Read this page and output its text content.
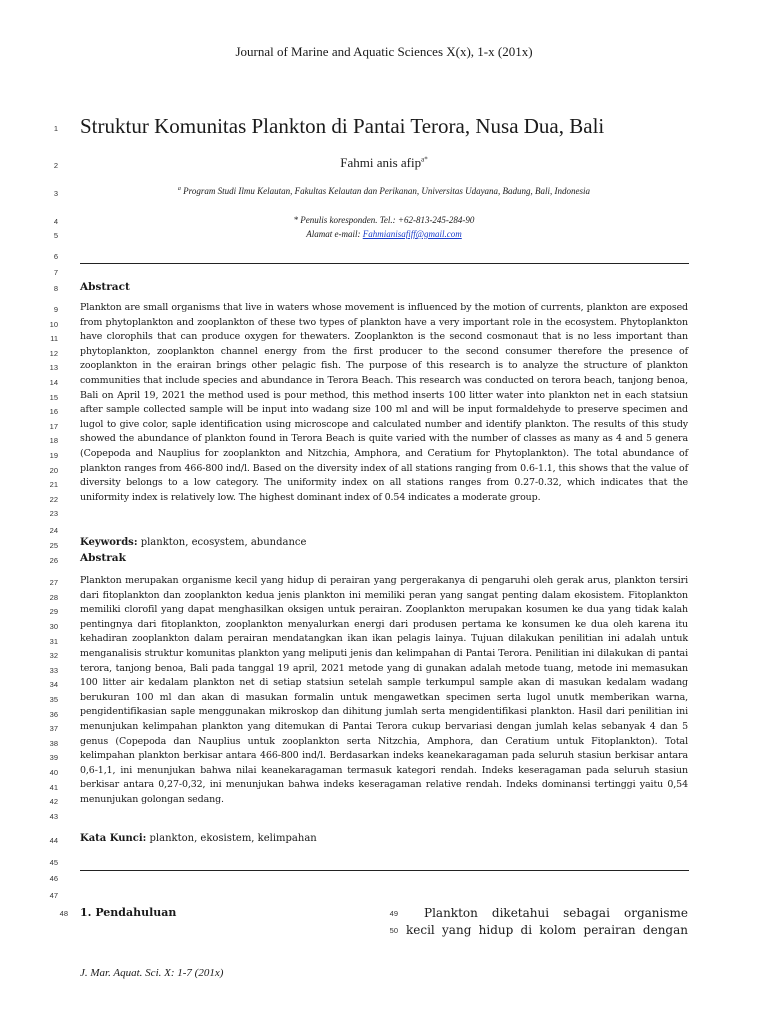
Journal of Marine and Aquatic Sciences X(x), 1-x (201x)
1
2
3
4
5
6
7
8
9
10
11
12
13
14
15
16
17
18
19
20
21
22
23
24
25
26
27
28
29
30
31
32
33
34
35
36
37
38
39
40
41
42
43
44
45
46
47
48	49
50
Struktur Komunitas Plankton di Pantai Terora, Nusa Dua, Bali
Fahmi anis afip$^{a*}$
$^a$ Program Studi Ilmu Kelautan, Fakultas Kelautan dan Perikanan, Universitas Udayana, Badung, Bali, Indonesia
* Penulis koresponden. Tel.: +62-813-245-284-90
Alamat e-mail: Fahmianisafiff@gmail.com
Abstract

Plankton are small organisms that live in waters whose movement is influenced by the motion of currents, plankton are exposed from phytoplankton and zooplankton of these two types of plankton have a very important role in the ecosystem. Phytoplankton have clorophils that can produce oxygen for thewaters. Zooplankton is the second cosmonaut that is no less important than phytoplankton, zooplankton channel energy from the first producer to the second consumer therefore the presence of zooplankton in the erairan brings other pelagic fish. The purpose of this research is to analyze the structure of plankton communities that include species and abundance in Terora Beach. This research was conducted on terora beach, tanjong benoa, Bali on April 19, 2021 the method used is pour method, this method inserts 100 litter water into plankton net in each statsiun after sample collected sample will be input into wadang size 100 ml and will be input formaldehyde to preserve specimen and lugol to give color, saple identification using microscope and calculated number and identify plankton. The results of this study showed the abundance of plankton found in Terora Beach is quite varied with the number of classes as many as 4 and 5 genera (Copepoda and Nauplius for zooplankton and Nitzchia, Amphora, and Ceratium for Phytoplankton). The total abundance of plankton ranges from 466-800 ind/l. Based on the diversity index of all stations ranging from 0.6-1.1, this shows that the value of diversity belongs to a low category. The uniformity index on all stations ranges from 0.27-0.32, which indicates that the uniformity index is relatively low. The highest dominant index of 0.54 indicates a moderate group.

Keywords: plankton, ecosystem, abundance
Abstrak

Plankton merupakan organisme kecil yang hidup di perairan yang pergerakanya di pengaruhi oleh gerak arus, plankton tersiri dari fitoplankton dan zooplankton kedua jenis plankton ini memiliki peran yang sangat penting dalam ekosistem. Fitoplankton memiliki clorofil yang dapat menghasilkan oksigen untuk perairan. Zooplankton merupakan kosumen ke dua yang tidak kalah pentingnya dari fitoplankton, zooplankton menyalurkan energi dari produsen pertama ke konsumen ke dua oleh karena itu kehadiran zooplankton dalam perairan mendatangkan ikan ikan pelagis lainya. Tujuan dilakukan penilitian ini adalah untuk menganalisis struktur komunitas plankton yang meliputi jenis dan kelimpahan di Pantai Terora. Penilitian ini dilakukan di pantai terora, tanjong benoa, Bali pada tanggal 19 april, 2021 metode yang di gunakan adalah metode tuang, metode ini memasukan 100 litter air kedalam plankton net di setiap statsiun setelah sample terkumpul sample akan di masukan kedalam wadang berukuran 100 ml dan akan di masukan formalin untuk mengawetkan specimen serta lugol unutk memberikan warna, pengidentifikasian saple menggunakan mikroskop dan dihitung jumlah serta mengidentifikasi plankton. Hasil dari penilitian ini menunjukan kelimpahan plankton yang ditemukan di Pantai Terora cukup bervariasi dengan jumlah kelas sebanyak 4 dan 5 genus (Copepoda dan Nauplius untuk zooplankton serta Nitzchia, Amphora, dan Ceratium untuk Fitoplankton). Total kelimpahan plankton berkisar antara 466-800 ind/l. Berdasarkan indeks keanekaragaman pada seluruh stasiun berkisar antara 0,6-1,1, ini menunjukan bahwa nilai keanekaragaman termasuk kategori rendah. Indeks keseragaman pada seluruh stasiun berkisar antara 0,27-0,32, ini menunjukan bahwa indeks keseragaman relative rendah. Indeks dominansi tertinggi yaitu 0,54 menunjukan golongan sedang.

Kata Kunci: plankton, ekosistem, kelimpahan
1. Pendahuluan	Plankton diketahui sebagai organisme kecil yang hidup di kolom perairan dengan

J. Mar. Aquat. Sci. X: 1-7 (201x)
